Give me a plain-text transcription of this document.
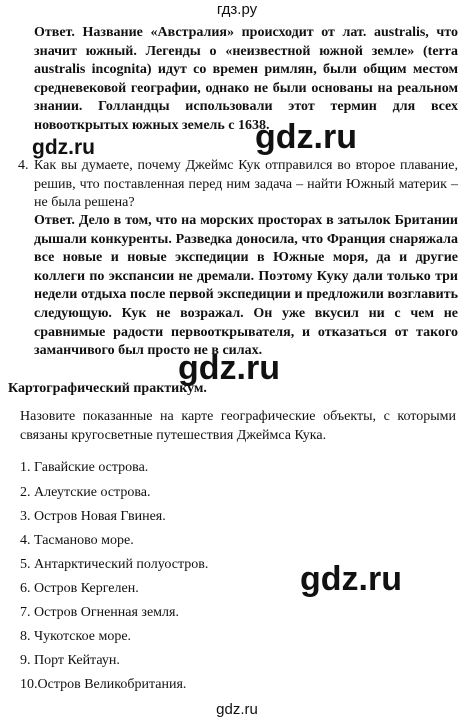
гдз.ру

Ответ. Название «Австралия» происходит от лат. australis, что значит южный. Легенды о «неизвестной южной земле» (terra australis incognita) идут со времен римлян, были общим местом средневековой географии, однако не были основаны на реальном знании. Голландцы использовали этот термин для всех новооткрытых южных земель с 1638.

gdz.ru
gdz.ru
4. Как вы думаете, почему Джеймс Кук отправился во второе плавание, решив, что поставленная перед ним задача – найти Южный материк – не была решена?

Ответ. Дело в том, что на морских просторах в затылок Британии дышали конкуренты. Разведка доносила, что Франция снаряжала все новые и новые экспедиции в Южные моря, да и другие коллеги по экспансии не дремали. Поэтому Куку дали только три недели отдыха после первой экспедиции и предложили возглавить следующую. Кук не возражал. Он уже вкусил ни с чем не сравнимые радости первооткрывателя, и отказаться от такого заманчивого был просто не в силах.

gdz.ru
Картографический практикум.

Назовите показанные на карте географические объекты, с которыми связаны кругосветные путешествия Джеймса Кука.

1. Гавайские острова.
2. Алеутские острова.
3. Остров Новая Гвинея.
4. Тасманово море.
5. Антарктический полуостров.
6. Остров Кергелен.
7. Остров Огненная земля.
8. Чукотское море.
9. Порт Кейтаун.
10.Остров Великобритания.
gdz.ru
gdz.ru
